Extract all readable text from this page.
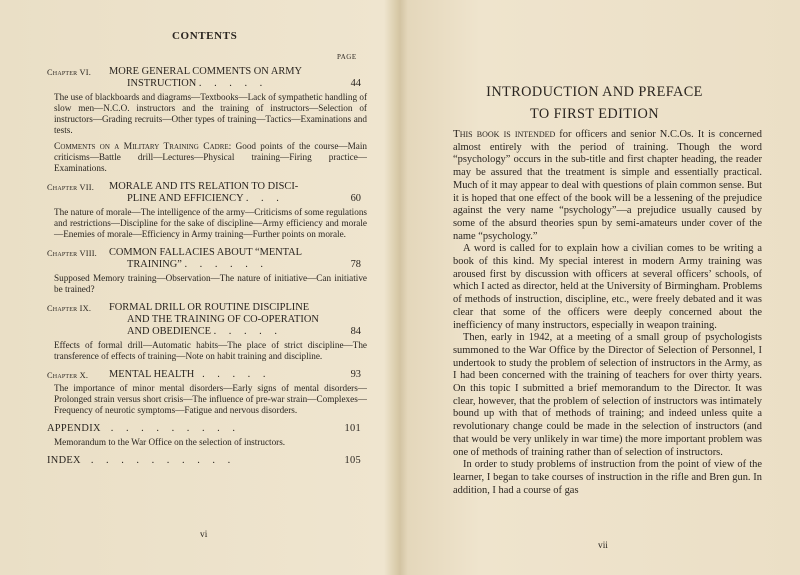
CONTENTS
PAGE
Chapter VI. MORE GENERAL COMMENTS ON ARMY
INSTRUCTION . . . . .	44

The use of blackboards and diagrams—Textbooks—Lack of sympathetic handling of slow men—N.C.O. instructors and the training of instructors—Selection of instructors—Grading recruits—Other types of training—Tactics—Examinations and tests.

Comments on a Military Training Cadre: Good points of the course—Main criticisms—Battle drill—Lectures—Physical training—Firing practice—Examinations.

Chapter VII. MORALE AND ITS RELATION TO DISCI-
PLINE AND EFFICIENCY . . .	60

The nature of morale—The intelligence of the army—Criticisms of some regulations and restrictions—Discipline for the sake of discipline—Army efficiency and morale—Enemies of morale—Efficiency in Army training—Further points on morale.

Chapter VIII. COMMON FALLACIES ABOUT “MENTAL
TRAINING” . . . . . .	78

Supposed Memory training—Observation—The nature of initiative—Can initiative be trained?

Chapter IX. FORMAL DRILL OR ROUTINE DISCIPLINE
AND THE TRAINING OF CO-OPERATION
AND OBEDIENCE . . . . .	84

Effects of formal drill—Automatic habits—The place of strict discipline—The transference of effects of training—Note on habit training and discipline.

Chapter X. MENTAL HEALTH . . . . .	93

The importance of minor mental disorders—Early signs of mental disorders—Prolonged strain versus short crisis—The influence of pre-war strain—Complexes—Frequency of neurotic symptoms—Fatigue and nervous disorders.

APPENDIX . . . . . . . . .	101

Memorandum to the War Office on the selection of instructors.

INDEX . . . . . . . . . .	105
vi
INTRODUCTION AND PREFACE
TO FIRST EDITION

This book is intended for officers and senior N.C.Os. It is concerned almost entirely with the period of training. Though the word “psychology” occurs in the sub-title and first chapter heading, the reader may be assured that the treatment is simple and essentially practical. Much of it may appear to deal with questions of plain common sense. But it is hoped that one effect of the book will be a lessening of the prejudice against the very name “psychology”—a prejudice usually caused by some of the absurd theories spun by semi-amateurs under cover of the name “psychology.”

A word is called for to explain how a civilian comes to be writing a book of this kind. My special interest in modern Army training was aroused first by discussion with officers at several officers’ schools, of which I acted as director, held at the University of Birmingham. Problems of methods of instruction, discipline, etc., were freely debated and it was clear that some of the officers were deeply concerned about the inefficiency of many instructors, especially in weapon training.

Then, early in 1942, at a meeting of a small group of psychologists summoned to the War Office by the Director of Selection of Personnel, I undertook to study the problem of selection of instructors in the Army, as I had been concerned with the training of teachers for over thirty years. On this topic I submitted a brief memorandum to the Director. It was clear, however, that the problem of selection of instructors was intimately bound up with that of methods of training; and indeed unless quite a revolutionary change could be made in the selection of instructors (and that would be very unlikely in war time) the more important problem was one of methods of training rather than of selection of instructors.

In order to study problems of instruction from the point of view of the learner, I began to take courses of instruction in the rifle and Bren gun. In addition, I had a course of gas

vii
